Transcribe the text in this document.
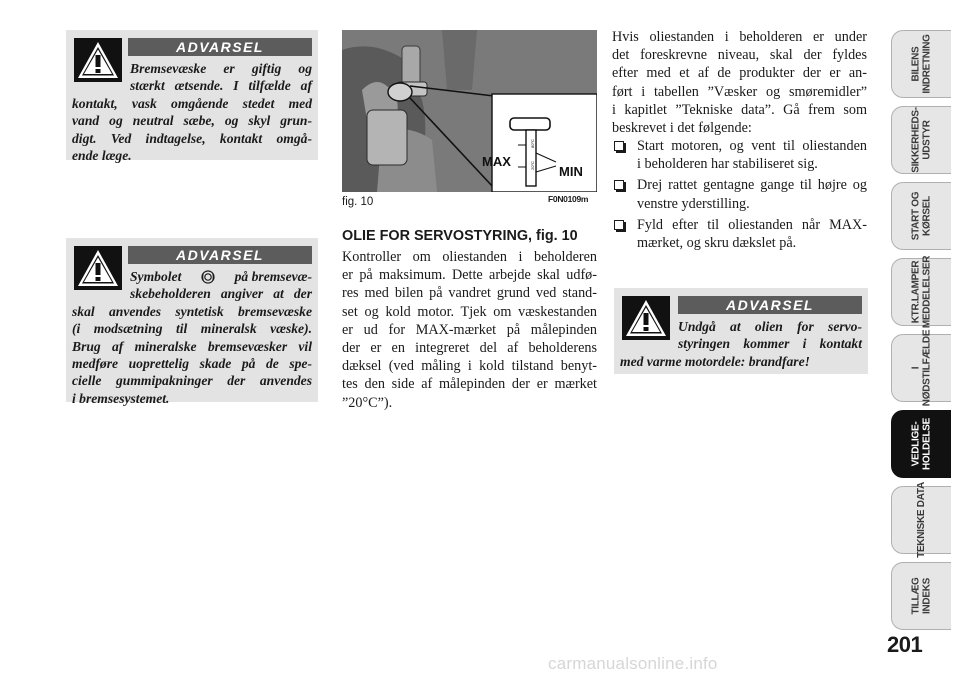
ADVARSEL
Bremsevæske er giftig og
stærkt ætsende. I tilfælde af
kontakt, vask omgående stedet med
vand og neutral sæbe, og skyl grun-
digt. Ved indtagelse, kontakt omgå-
ende læge.
ADVARSEL
Symbolet	på bremsevæ-
skebeholderen angiver at der
skal anvendes syntetisk bremsevæske
(i modsætning til mineralsk væske).
Brug af mineralske bremsevæsker vil
medføre uoprettelig skade på de spe-
cielle gummipakninger der anvendes
i bremsesystemet.
80°C
20°C
MAX
MIN
fig. 10	F0N0109m
OLIE FOR SERVOSTYRING, fig. 10
Kontroller om oliestanden i beholderen
er på maksimum. Dette arbejde skal udfø-
res med bilen på vandret grund ved stand-
set og kold motor. Tjek om væskestanden
er ud for MAX-mærket på målepinden
der er en integreret del af beholderens
dæksel (ved måling i kold tilstand benyt-
tes den side af målepinden der er mærket
”20°C”).
Hvis oliestanden i beholderen er under
det foreskrevne niveau, skal der fyldes
efter med et af de produkter der er an-
ført i tabellen ”Væsker og smøremidler”
i kapitlet ”Tekniske data”. Gå frem som
beskrevet i det følgende:
Start motoren, og vent til oliestanden
i beholderen har stabiliseret sig.
Drej rattet gentagne gange til højre og
venstre yderstilling.
Fyld efter til oliestanden når MAX-
mærket, og skru dækslet på.
ADVARSEL
Undgå at olien for servo-
styringen kommer i kontakt
med varme motordele: brandfare!
BILENS
INDRETNING
SIKKERHEDS-
UDSTYR
START OG
KØRSEL
KTR.LAMPER
MEDDELELSER
I
NØDSTILFÆLDE
VEDLIGE-
HOLDELSE
TEKNISKE DATA
TILLÆG
INDEKS
201
carmanualsonline.info
